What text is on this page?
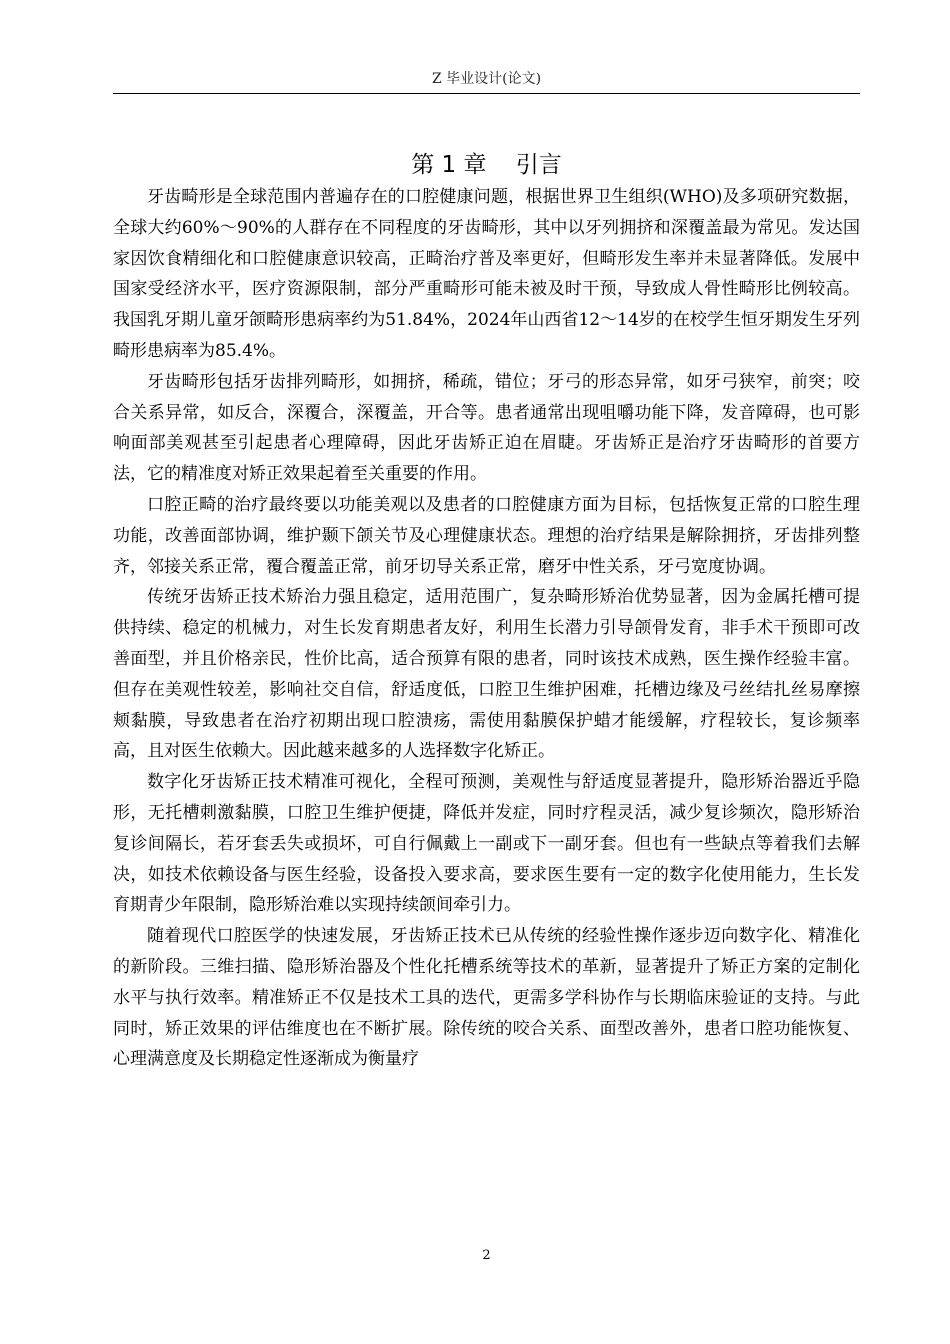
Z 毕业设计(论文)
第 1 章    引言

牙齿畸形是全球范围内普遍存在的口腔健康问题，根据世界卫生组织(WHO)及多项研究数据，全球大约60%～90%的人群存在不同程度的牙齿畸形，其中以牙列拥挤和深覆盖最为常见。发达国家因饮食精细化和口腔健康意识较高，正畸治疗普及率更好，但畸形发生率并未显著降低。发展中国家受经济水平，医疗资源限制，部分严重畸形可能未被及时干预，导致成人骨性畸形比例较高。我国乳牙期儿童牙颌畸形患病率约为51.84%，2024年山西省12～14岁的在校学生恒牙期发生牙列畸形患病率为85.4%。

牙齿畸形包括牙齿排列畸形，如拥挤，稀疏，错位；牙弓的形态异常，如牙弓狭窄，前突；咬合关系异常，如反合，深覆合，深覆盖，开合等。患者通常出现咀嚼功能下降，发音障碍，也可影响面部美观甚至引起患者心理障碍，因此牙齿矫正迫在眉睫。牙齿矫正是治疗牙齿畸形的首要方法，它的精准度对矫正效果起着至关重要的作用。

口腔正畸的治疗最终要以功能美观以及患者的口腔健康方面为目标，包括恢复正常的口腔生理功能，改善面部协调，维护颞下颌关节及心理健康状态。理想的治疗结果是解除拥挤，牙齿排列整齐，邻接关系正常，覆合覆盖正常，前牙切导关系正常，磨牙中性关系，牙弓宽度协调。

传统牙齿矫正技术矫治力强且稳定，适用范围广，复杂畸形矫治优势显著，因为金属托槽可提供持续、稳定的机械力，对生长发育期患者友好，利用生长潜力引导颌骨发育，非手术干预即可改善面型，并且价格亲民，性价比高，适合预算有限的患者，同时该技术成熟，医生操作经验丰富。但存在美观性较差，影响社交自信，舒适度低，口腔卫生维护困难，托槽边缘及弓丝结扎丝易摩擦颊黏膜，导致患者在治疗初期出现口腔溃疡，需使用黏膜保护蜡才能缓解，疗程较长，复诊频率高，且对医生依赖大。因此越来越多的人选择数字化矫正。

数字化牙齿矫正技术精准可视化，全程可预测，美观性与舒适度显著提升，隐形矫治器近乎隐形，无托槽刺激黏膜，口腔卫生维护便捷，降低并发症，同时疗程灵活，减少复诊频次，隐形矫治复诊间隔长，若牙套丢失或损坏，可自行佩戴上一副或下一副牙套。但也有一些缺点等着我们去解决，如技术依赖设备与医生经验，设备投入要求高，要求医生要有一定的数字化使用能力，生长发育期青少年限制，隐形矫治难以实现持续颌间牵引力。

随着现代口腔医学的快速发展，牙齿矫正技术已从传统的经验性操作逐步迈向数字化、精准化的新阶段。三维扫描、隐形矫治器及个性化托槽系统等技术的革新，显著提升了矫正方案的定制化水平与执行效率。精准矫正不仅是技术工具的迭代，更需多学科协作与长期临床验证的支持。与此同时，矫正效果的评估维度也在不断扩展。除传统的咬合关系、面型改善外，患者口腔功能恢复、心理满意度及长期稳定性逐渐成为衡量疗

2
